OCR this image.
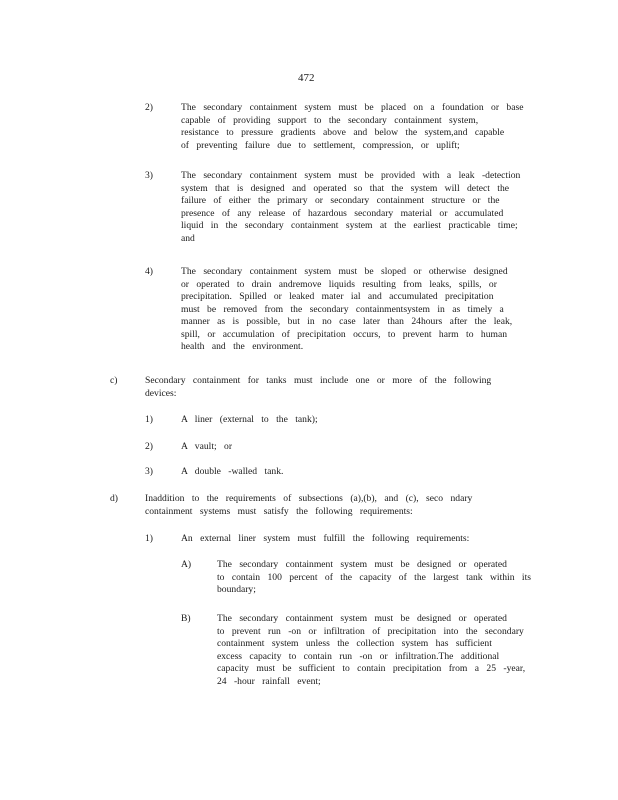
472
2)	The secondary containment system must be placed on a foundation or base
capable of providing support to the secondary containment system,
resistance to pressure gradients above and below the system,and capable
of preventing failure due to settlement, compression, or uplift;
3)	The secondary containment system must be provided with a leak -detection
system that is designed and operated so that the system will detect the
failure of either the primary or secondary containment structure or the
presence of any release of hazardous secondary material or accumulated
liquid in the secondary containment system at the earliest practicable time;
and
4)	The secondary containment system must be sloped or otherwise designed
or operated to drain andremove liquids resulting from leaks, spills, or
precipitation. Spilled or leaked mater ial and accumulated precipitation
must be removed from the secondary containmentsystem in as timely a
manner as is possible, but in no case later than 24hours after the leak,
spill, or accumulation of precipitation occurs, to prevent harm to human
health and the environment.
c)	Secondary containment for tanks must include one or more of the following
devices:
1)	A liner (external to the tank);
2)	A vault; or
3)	A double -walled tank.
d)	Inaddition to the requirements of subsections (a),(b), and (c), seco ndary
containment systems must satisfy the following requirements:
1)	An external liner system must fulfill the following requirements:
A)	The secondary containment system must be designed or operated
to contain 100 percent of the capacity of the largest tank within its
boundary;
B)	The secondary containment system must be designed or operated
to prevent run -on or infiltration of precipitation into the secondary
containment system unless the collection system has sufficient
excess capacity to contain run -on or infiltration.The additional
capacity must be sufficient to contain precipitation from a 25 -year,
24 -hour rainfall event;
